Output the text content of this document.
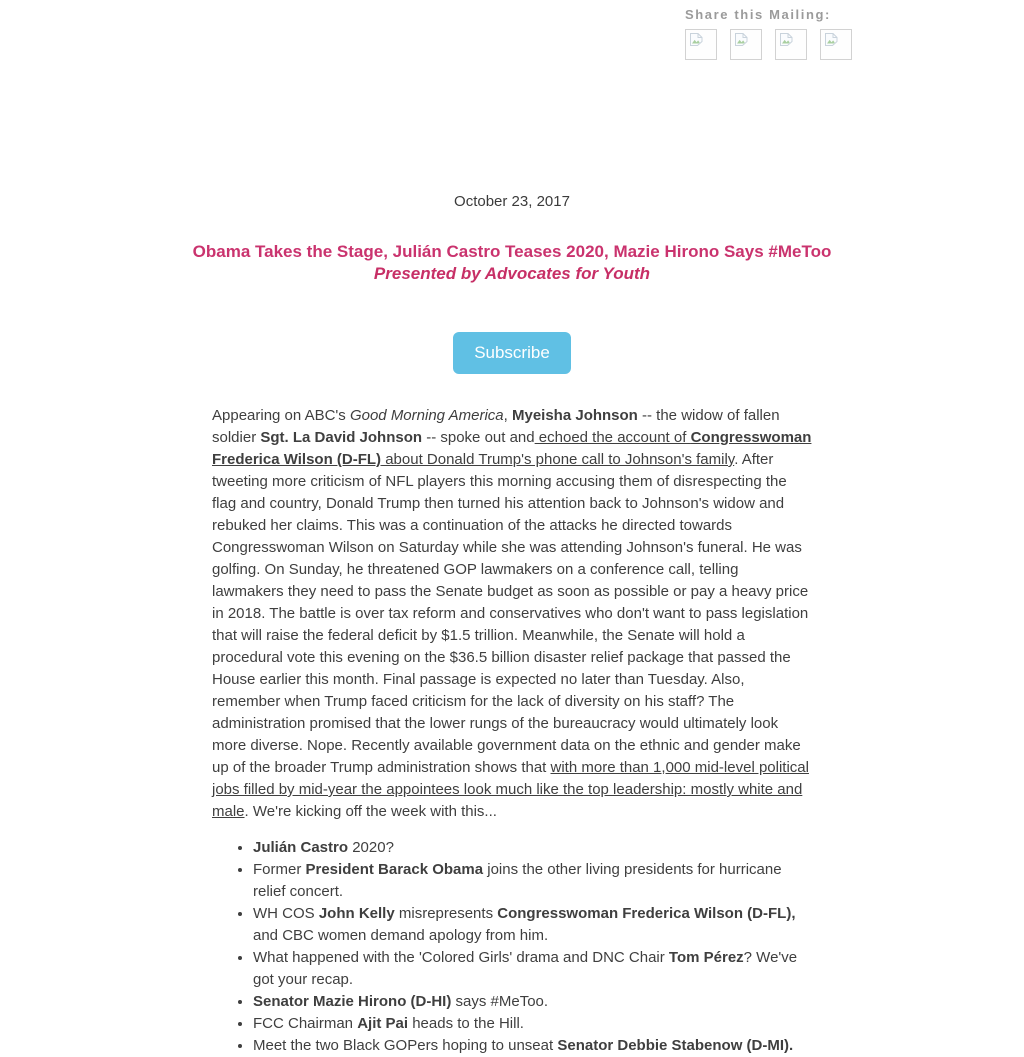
Share this Mailing:
October 23, 2017
Obama Takes the Stage, Julián Castro Teases 2020, Mazie Hirono Says #MeToo
Presented by Advocates for Youth
Subscribe

Appearing on ABC's Good Morning America, Myeisha Johnson -- the widow of fallen soldier Sgt. La David Johnson -- spoke out and echoed the account of Congresswoman Frederica Wilson (D-FL) about Donald Trump's phone call to Johnson's family. After tweeting more criticism of NFL players this morning accusing them of disrespecting the flag and country, Donald Trump then turned his attention back to Johnson's widow and rebuked her claims. This was a continuation of the attacks he directed towards Congresswoman Wilson on Saturday while she was attending Johnson's funeral. He was golfing. On Sunday, he threatened GOP lawmakers on a conference call, telling lawmakers they need to pass the Senate budget as soon as possible or pay a heavy price in 2018. The battle is over tax reform and conservatives who don't want to pass legislation that will raise the federal deficit by $1.5 trillion. Meanwhile, the Senate will hold a procedural vote this evening on the $36.5 billion disaster relief package that passed the House earlier this month. Final passage is expected no later than Tuesday. Also, remember when Trump faced criticism for the lack of diversity on his staff? The administration promised that the lower rungs of the bureaucracy would ultimately look more diverse. Nope. Recently available government data on the ethnic and gender make up of the broader Trump administration shows that with more than 1,000 mid-level political jobs filled by mid-year the appointees look much like the top leadership: mostly white and male. We're kicking off the week with this...

• Julián Castro 2020?
• Former President Barack Obama joins the other living presidents for hurricane relief concert.
• WH COS John Kelly misrepresents Congresswoman Frederica Wilson (D-FL), and CBC women demand apology from him.
• What happened with the 'Colored Girls' drama and DNC Chair Tom Pérez? We've got your recap.
• Senator Mazie Hirono (D-HI) says #MeToo.
• FCC Chairman Ajit Pai heads to the Hill.
• Meet the two Black GOPers hoping to unseat Senator Debbie Stabenow (D-MI).
